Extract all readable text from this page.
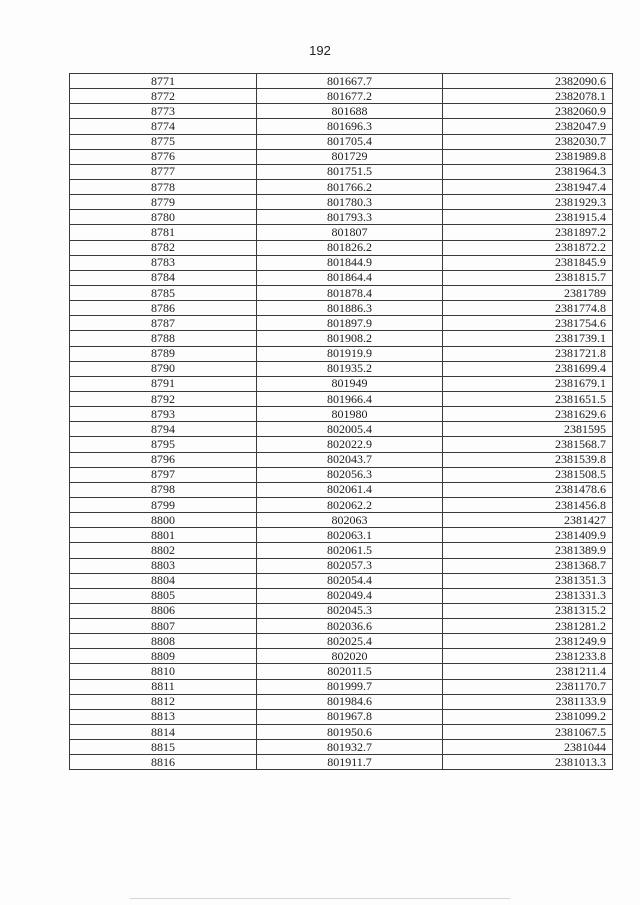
192
8771	801667.7	2382090.6
8772	801677.2	2382078.1
8773	801688	2382060.9
8774	801696.3	2382047.9
8775	801705.4	2382030.7
8776	801729	2381989.8
8777	801751.5	2381964.3
8778	801766.2	2381947.4
8779	801780.3	2381929.3
8780	801793.3	2381915.4
8781	801807	2381897.2
8782	801826.2	2381872.2
8783	801844.9	2381845.9
8784	801864.4	2381815.7
8785	801878.4	2381789
8786	801886.3	2381774.8
8787	801897.9	2381754.6
8788	801908.2	2381739.1
8789	801919.9	2381721.8
8790	801935.2	2381699.4
8791	801949	2381679.1
8792	801966.4	2381651.5
8793	801980	2381629.6
8794	802005.4	2381595
8795	802022.9	2381568.7
8796	802043.7	2381539.8
8797	802056.3	2381508.5
8798	802061.4	2381478.6
8799	802062.2	2381456.8
8800	802063	2381427
8801	802063.1	2381409.9
8802	802061.5	2381389.9
8803	802057.3	2381368.7
8804	802054.4	2381351.3
8805	802049.4	2381331.3
8806	802045.3	2381315.2
8807	802036.6	2381281.2
8808	802025.4	2381249.9
8809	802020	2381233.8
8810	802011.5	2381211.4
8811	801999.7	2381170.7
8812	801984.6	2381133.9
8813	801967.8	2381099.2
8814	801950.6	2381067.5
8815	801932.7	2381044
8816	801911.7	2381013.3
